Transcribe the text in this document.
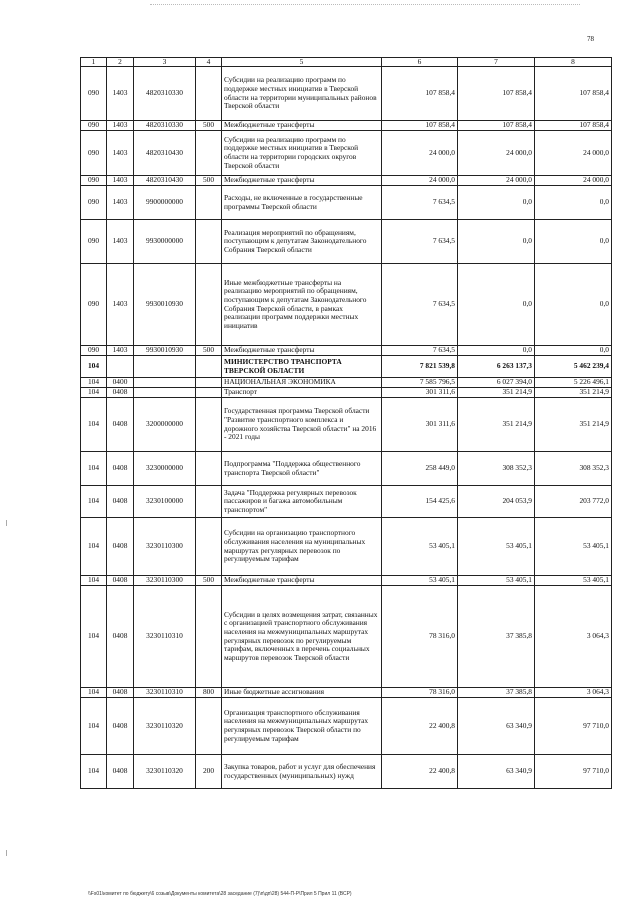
78
1	2	3	4	5	6	7	8
090	1403	4820310330		Субсидии на реализацию программ по поддержке местных инициатив в Тверской области на территории муниципальных районов Тверской области	107 858,4	107 858,4	107 858,4
090	1403	4820310330	500	Межбюджетные трансферты	107 858,4	107 858,4	107 858,4
090	1403	4820310430		Субсидии на реализацию программ по поддержке местных инициатив в Тверской области на территории городских округов Тверской области	24 000,0	24 000,0	24 000,0
090	1403	4820310430	500	Межбюджетные трансферты	24 000,0	24 000,0	24 000,0
090	1403	9900000000		Расходы, не включенные в государственные программы Тверской области	7 634,5	0,0	0,0
090	1403	9930000000		Реализация мероприятий по обращениям, поступающим к депутатам Законодательного Собрания Тверской области	7 634,5	0,0	0,0
090	1403	9930010930		Иные межбюджетные трансферты на реализацию мероприятий по обращениям, поступающим к депутатам Законодательного Собрания Тверской области, в рамках реализации программ поддержки местных инициатив	7 634,5	0,0	0,0
090	1403	9930010930	500	Межбюджетные трансферты	7 634,5	0,0	0,0
104				МИНИСТЕРСТВО ТРАНСПОРТА ТВЕРСКОЙ ОБЛАСТИ	7 821 539,8	6 263 137,3	5 462 239,4
104	0400			НАЦИОНАЛЬНАЯ ЭКОНОМИКА	7 585 796,5	6 027 394,0	5 226 496,1
104	0408			Транспорт	301 311,6	351 214,9	351 214,9
104	0408	3200000000		Государственная программа Тверской области "Развитие транспортного комплекса и дорожного хозяйства Тверской области" на 2016 - 2021 годы	301 311,6	351 214,9	351 214,9
104	0408	3230000000		Подпрограмма "Поддержка общественного транспорта Тверской области"	258 449,0	308 352,3	308 352,3
104	0408	3230100000		Задача "Поддержка регулярных перевозок пассажиров и багажа автомобильным транспортом"	154 425,6	204 053,9	203 772,0
104	0408	3230110300		Субсидии на организацию транспортного обслуживания населения на муниципальных маршрутах регулярных перевозок по регулируемым тарифам	53 405,1	53 405,1	53 405,1
104	0408	3230110300	500	Межбюджетные трансферты	53 405,1	53 405,1	53 405,1
104	0408	3230110310		Субсидии в целях возмещения затрат, связанных с организацией транспортного обслуживания населения на межмуниципальных маршрутах регулярных перевозок по регулируемым тарифам, включенных в перечень социальных маршрутов перевозок Тверской области	78 316,0	37 385,8	3 064,3
104	0408	3230110310	800	Иные бюджетные ассигнования	78 316,0	37 385,8	3 064,3
104	0408	3230110320		Организация транспортного обслуживания населения на межмуниципальных маршрутах регулярных перевозок Тверской области по регулируемым тарифам	22 400,8	63 340,9	97 710,0
104	0408	3230110320	200	Закупка товаров, работ и услуг для обеспечения государственных (муниципальных) нужд	22 400,8	63 340,9	97 710,0
\\Fs01\комитет по бюджету\6 созыв\Документы комитета\28 заседание (7)\п\дп\28) 544-П-Р\Прил 5 Прил 11 (ВСР)
